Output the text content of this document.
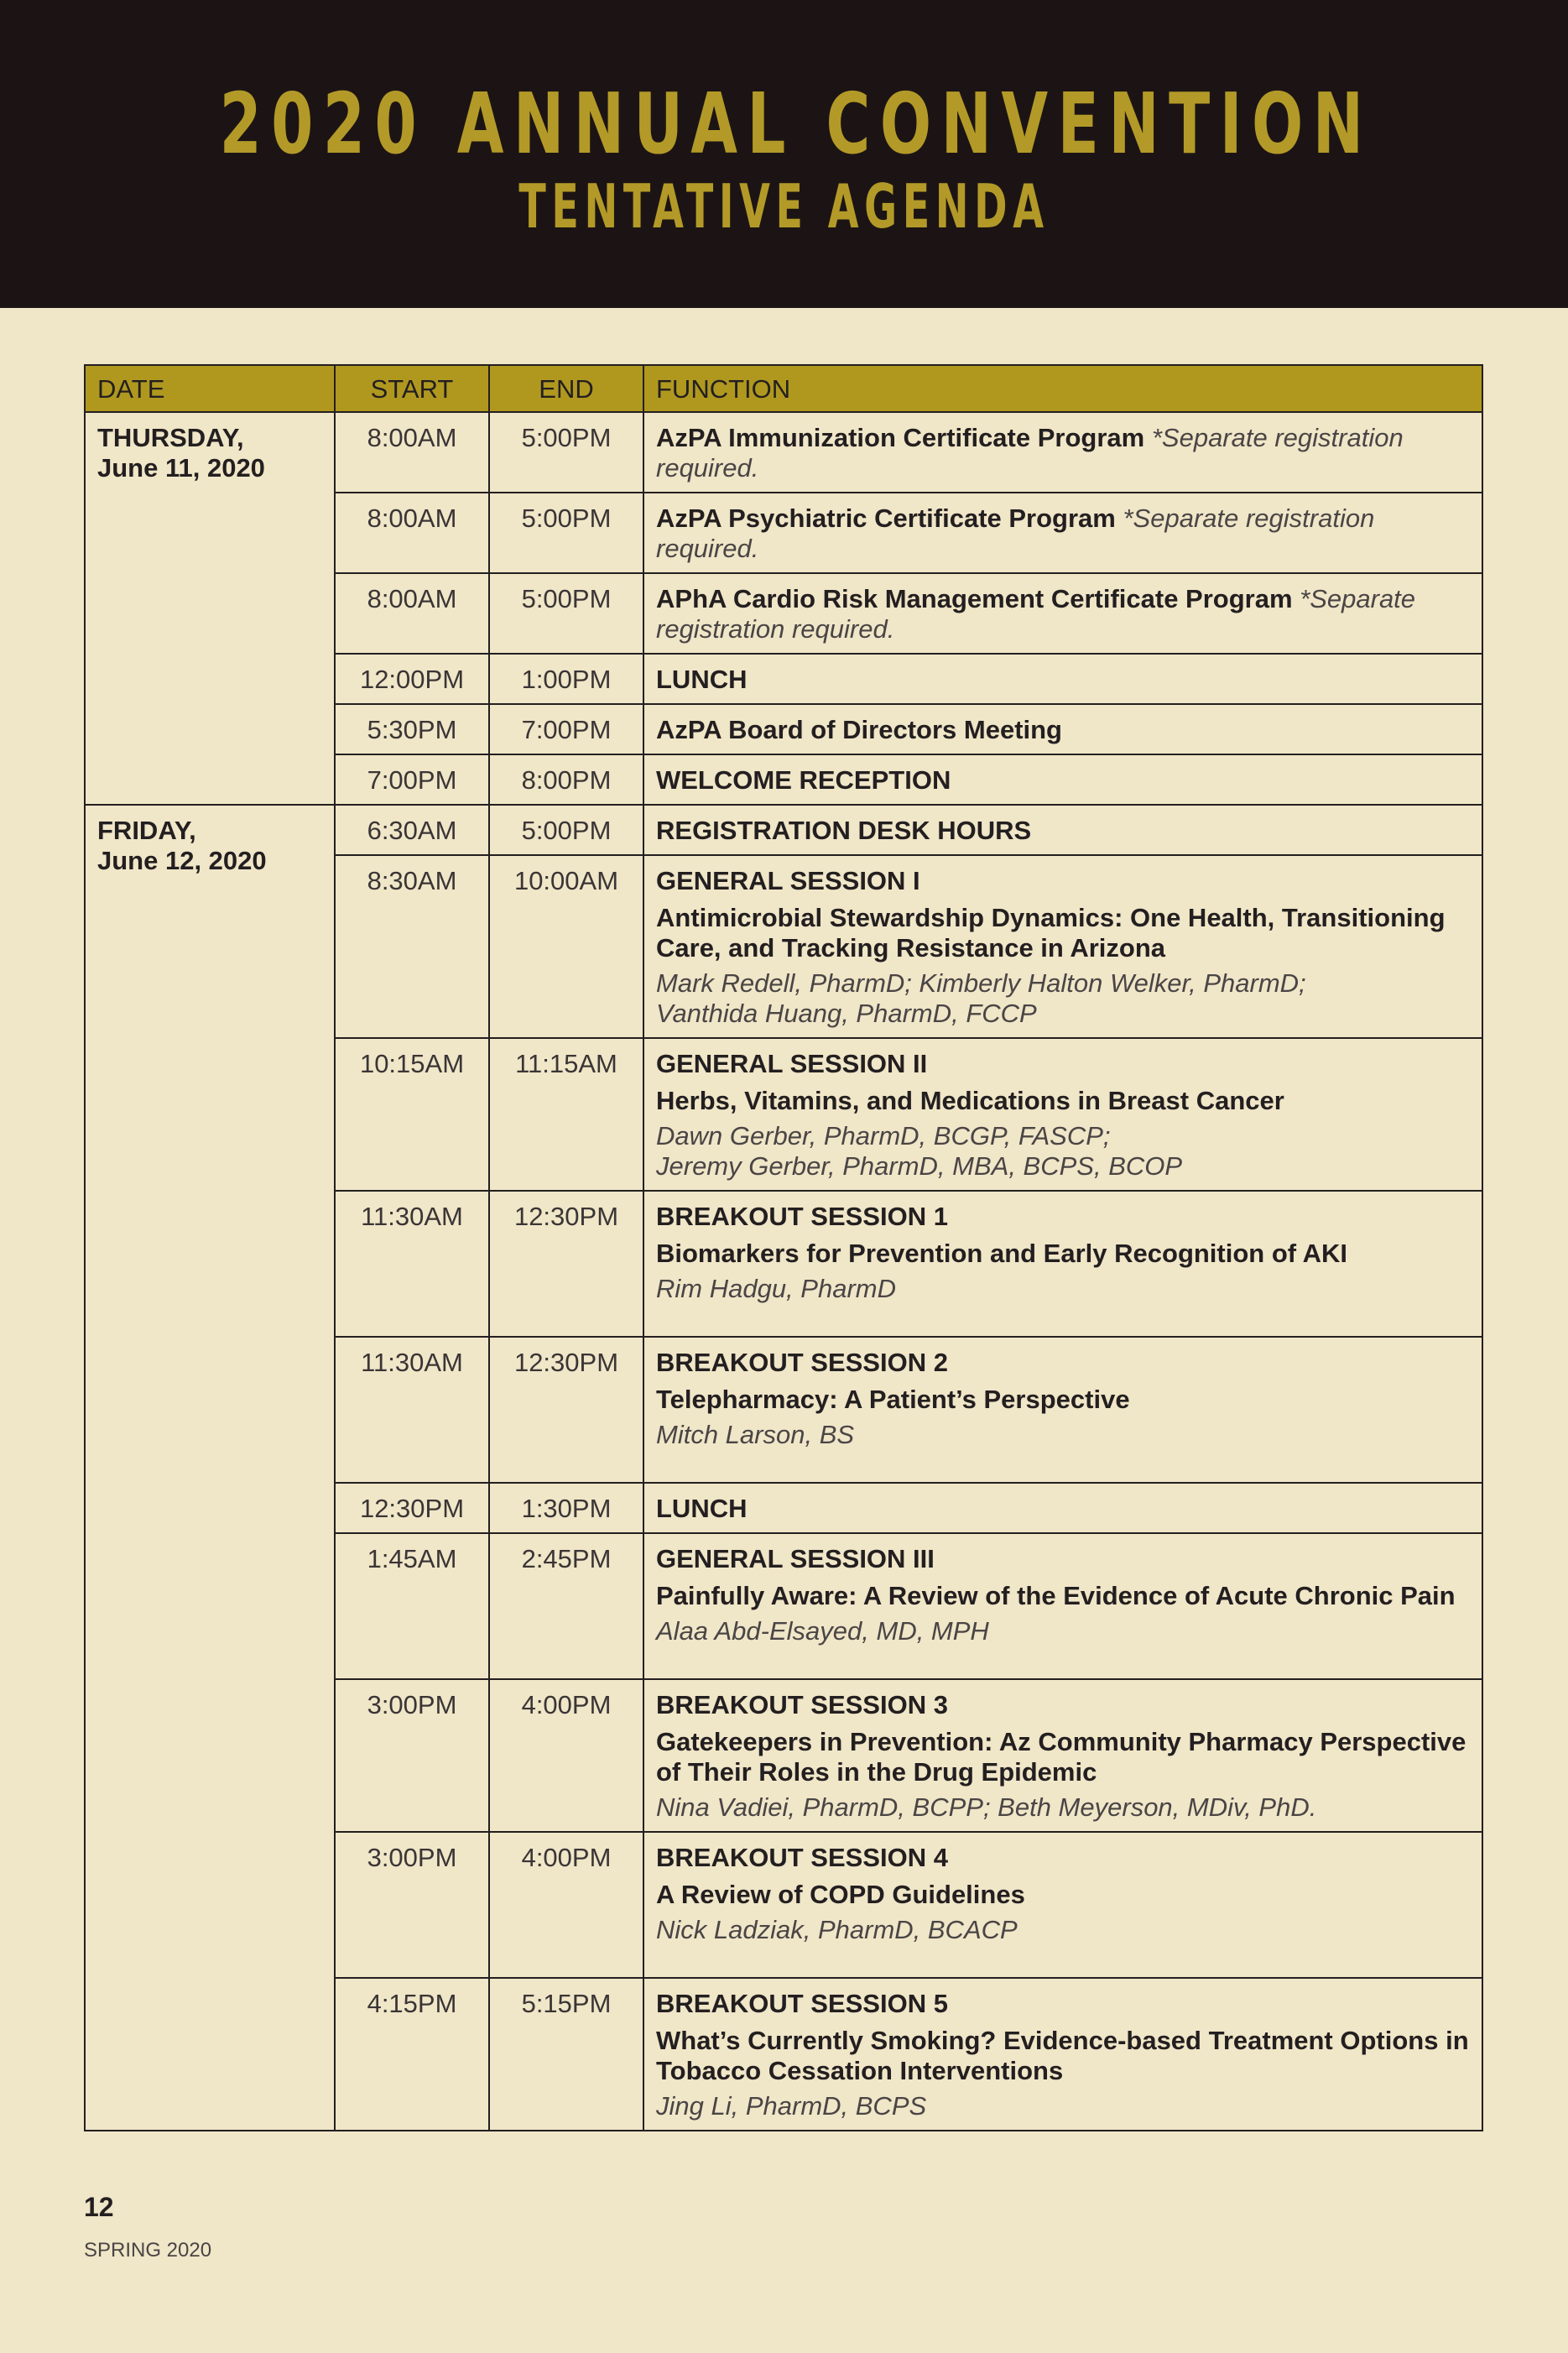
2020 ANNUAL CONVENTION
TENTATIVE AGENDA
DATE	START	END	FUNCTION
THURSDAY,
June 11, 2020	8:00AM	5:00PM	AzPA Immunization Certificate Program *Separate registration required.
	8:00AM	5:00PM	AzPA Psychiatric Certificate Program *Separate registration required.
	8:00AM	5:00PM	APhA Cardio Risk Management Certificate Program *Separate registration required.
	12:00PM	1:00PM	LUNCH
	5:30PM	7:00PM	AzPA Board of Directors Meeting
	7:00PM	8:00PM	WELCOME RECEPTION
FRIDAY,
June 12, 2020	6:30AM	5:00PM	REGISTRATION DESK HOURS
	8:30AM	10:00AM	GENERAL SESSION I
Antimicrobial Stewardship Dynamics: One Health, Transitioning Care, and Tracking Resistance in Arizona
Mark Redell, PharmD; Kimberly Halton Welker, PharmD;
Vanthida Huang, PharmD, FCCP

	10:15AM	11:15AM	GENERAL SESSION II
Herbs, Vitamins, and Medications in Breast Cancer
Dawn Gerber, PharmD, BCGP, FASCP;
Jeremy Gerber, PharmD, MBA, BCPS, BCOP

	11:30AM	12:30PM	BREAKOUT SESSION 1
Biomarkers for Prevention and Early Recognition of AKI
Rim Hadgu, PharmD

	11:30AM	12:30PM	BREAKOUT SESSION 2
Telepharmacy: A Patient’s Perspective
Mitch Larson, BS

	12:30PM	1:30PM	LUNCH
	1:45AM	2:45PM	GENERAL SESSION III
Painfully Aware: A Review of the Evidence of Acute Chronic Pain
Alaa Abd-Elsayed, MD, MPH

	3:00PM	4:00PM	BREAKOUT SESSION 3
Gatekeepers in Prevention: Az Community Pharmacy Perspective of Their Roles in the Drug Epidemic
Nina Vadiei, PharmD, BCPP; Beth Meyerson, MDiv, PhD.

	3:00PM	4:00PM	BREAKOUT SESSION 4
A Review of COPD Guidelines
Nick Ladziak, PharmD, BCACP

	4:15PM	5:15PM	BREAKOUT SESSION 5
What’s Currently Smoking? Evidence-based Treatment Options in Tobacco Cessation Interventions
Jing Li, PharmD, BCPS
12
SPRING 2020
